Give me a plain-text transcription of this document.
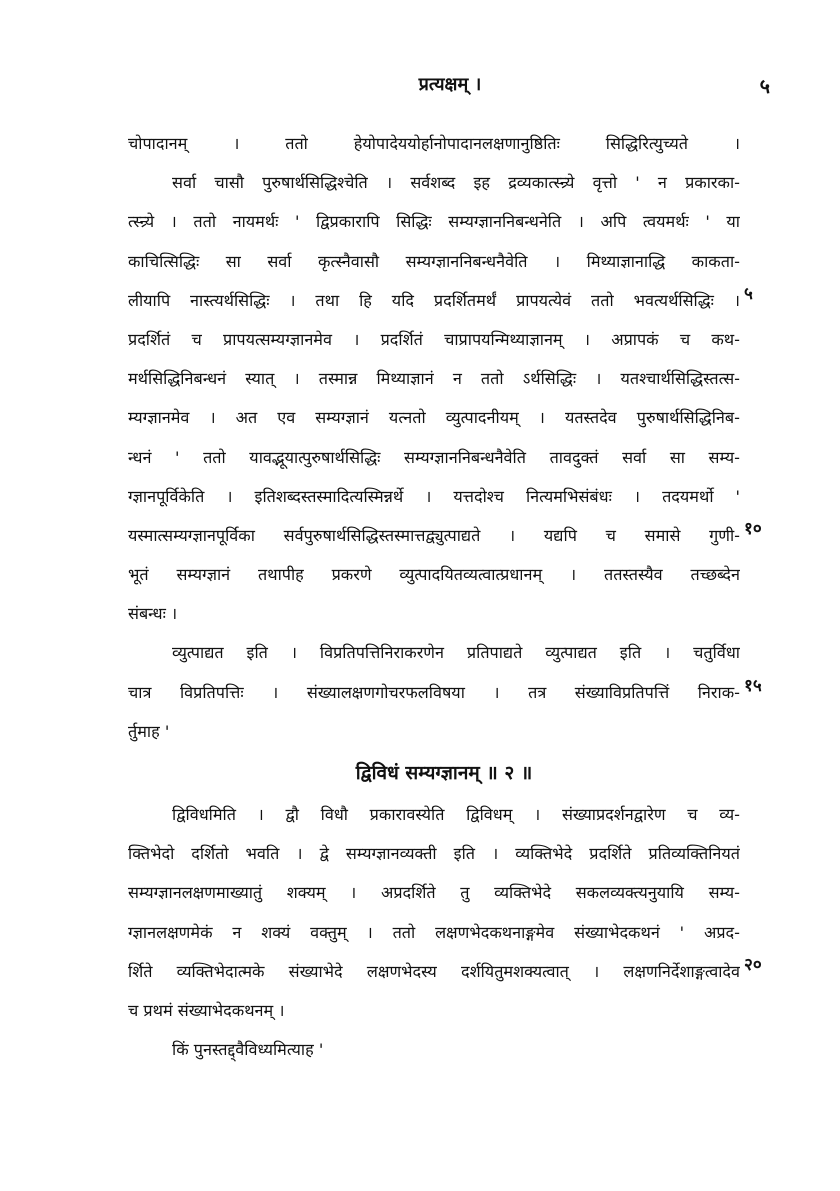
प्रत्यक्षम् ।	५
चोपादानम् । ततो हेयोपादेययोर्हानोपादानलक्षणानुष्ठितिः सिद्धिरित्युच्यते ।
सर्वा चासौ पुरुषार्थसिद्धिश्चेति । सर्वशब्द इह द्रव्यकात्स्न्र्ये वृत्तो ' न प्रकारका-
त्स्न्र्ये । ततो नायमर्थः ' द्विप्रकारापि सिद्धिः सम्यग्ज्ञाननिबन्धनेति । अपि त्वयमर्थः ' या
काचित्सिद्धिः सा सर्वा कृत्स्नैवासौ सम्यग्ज्ञाननिबन्धनैवेति । मिथ्याज्ञानाद्धि काकता-
लीयापि नास्त्यर्थसिद्धिः । तथा हि यदि प्रदर्शितमर्थं प्रापयत्येवं ततो भवत्यर्थसिद्धिः ।
प्रदर्शितं च प्रापयत्सम्यग्ज्ञानमेव । प्रदर्शितं चाप्रापयन्मिथ्याज्ञानम् । अप्रापकं च कथ-
मर्थसिद्धिनिबन्धनं स्यात् । तस्मान्न मिथ्याज्ञानं न ततो ऽर्थसिद्धिः । यतश्चार्थसिद्धिस्तत्स-
म्यग्ज्ञानमेव । अत एव सम्यग्ज्ञानं यत्नतो व्युत्पादनीयम् । यतस्तदेव पुरुषार्थसिद्धिनिब-
न्धनं ' ततो यावद्भूयात्पुरुषार्थसिद्धिः सम्यग्ज्ञाननिबन्धनैवेति तावदुक्तं सर्वा सा सम्य-
ग्ज्ञानपूर्विकेति । इतिशब्दस्तस्मादित्यस्मिन्नर्थे । यत्तदोश्च नित्यमभिसंबंधः । तदयमर्थो '
यस्मात्सम्यग्ज्ञानपूर्विका सर्वपुरुषार्थसिद्धिस्तस्मात्तद्व्युत्पाद्यते । यद्यपि च समासे गुणी-
भूतं सम्यग्ज्ञानं तथापीह प्रकरणे व्युत्पादयितव्यत्वात्प्रधानम् । ततस्तस्यैव तच्छब्देन
संबन्धः ।
व्युत्पाद्यत इति । विप्रतिपत्तिनिराकरणेन प्रतिपाद्यते व्युत्पाद्यत इति । चतुर्विधा
चात्र विप्रतिपत्तिः । संख्यालक्षणगोचरफलविषया । तत्र संख्याविप्रतिपत्तिं निराक-
र्तुमाह '
द्विविधं सम्यग्ज्ञानम् ॥ २ ॥
द्विविधमिति । द्वौ विधौ प्रकारावस्येति द्विविधम् । संख्याप्रदर्शनद्वारेण च व्य-
क्तिभेदो दर्शितो भवति । द्वे सम्यग्ज्ञानव्यक्ती इति । व्यक्तिभेदे प्रदर्शिते प्रतिव्यक्तिनियतं
सम्यग्ज्ञानलक्षणमाख्यातुं शक्यम् । अप्रदर्शिते तु व्यक्तिभेदे सकलव्यक्त्यनुयायि सम्य-
ग्ज्ञानलक्षणमेकं न शक्यं वक्तुम् । ततो लक्षणभेदकथनाङ्गमेव संख्याभेदकथनं ' अप्रद-
र्शिते व्यक्तिभेदात्मके संख्याभेदे लक्षणभेदस्य दर्शयितुमशक्यत्वात् । लक्षणनिर्देशाङ्गत्वादेव
च प्रथमं संख्याभेदकथनम् ।
किं पुनस्तद्द्वैविध्यमित्याह '
५
१०
१५
२०
